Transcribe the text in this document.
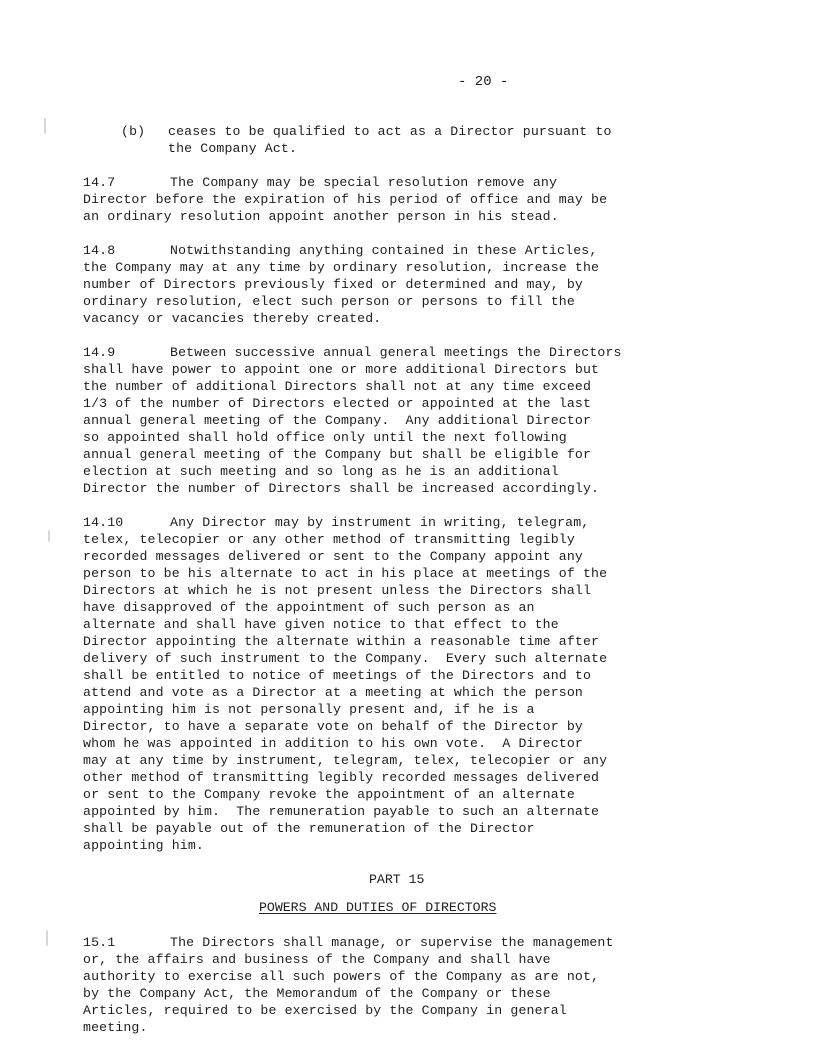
- 20 -
(b) ceases to be qualified to act as a Director pursuant to
the Company Act.
14.7	The Company may be special resolution remove any
Director before the expiration of his period of office and may be
an ordinary resolution appoint another person in his stead.
14.8	Notwithstanding anything contained in these Articles,
the Company may at any time by ordinary resolution, increase the
number of Directors previously fixed or determined and may, by
ordinary resolution, elect such person or persons to fill the
vacancy or vacancies thereby created.
14.9	Between successive annual general meetings the Directors
shall have power to appoint one or more additional Directors but
the number of additional Directors shall not at any time exceed
1/3 of the number of Directors elected or appointed at the last
annual general meeting of the Company.  Any additional Director
so appointed shall hold office only until the next following
annual general meeting of the Company but shall be eligible for
election at such meeting and so long as he is an additional
Director the number of Directors shall be increased accordingly.
14.10	Any Director may by instrument in writing, telegram,
telex, telecopier or any other method of transmitting legibly
recorded messages delivered or sent to the Company appoint any
person to be his alternate to act in his place at meetings of the
Directors at which he is not present unless the Directors shall
have disapproved of the appointment of such person as an
alternate and shall have given notice to that effect to the
Director appointing the alternate within a reasonable time after
delivery of such instrument to the Company.  Every such alternate
shall be entitled to notice of meetings of the Directors and to
attend and vote as a Director at a meeting at which the person
appointing him is not personally present and, if he is a
Director, to have a separate vote on behalf of the Director by
whom he was appointed in addition to his own vote.  A Director
may at any time by instrument, telegram, telex, telecopier or any
other method of transmitting legibly recorded messages delivered
or sent to the Company revoke the appointment of an alternate
appointed by him.  The remuneration payable to such an alternate
shall be payable out of the remuneration of the Director
appointing him.
PART 15
POWERS AND DUTIES OF DIRECTORS
15.1	The Directors shall manage, or supervise the management
or, the affairs and business of the Company and shall have
authority to exercise all such powers of the Company as are not,
by the Company Act, the Memorandum of the Company or these
Articles, required to be exercised by the Company in general
meeting.
